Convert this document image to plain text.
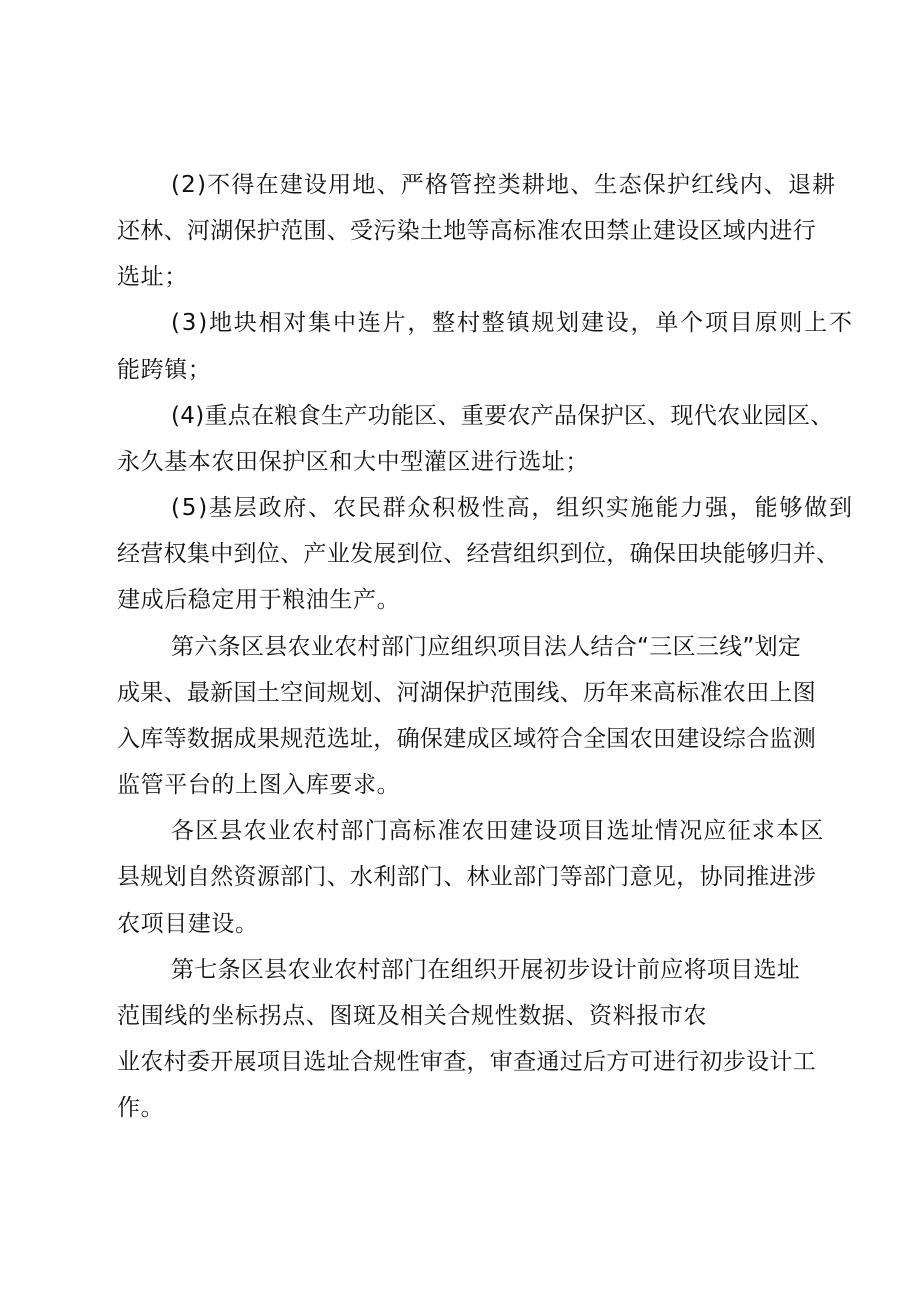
(2)不得在建设用地、严格管控类耕地、生态保护红线内、退耕
还林、河湖保护范围、受污染土地等高标准农田禁止建设区域内进行
选址；
(3)地块相对集中连片，整村整镇规划建设，单个项目原则上不
能跨镇；
(4)重点在粮食生产功能区、重要农产品保护区、现代农业园区、
永久基本农田保护区和大中型灌区进行选址；
(5)基层政府、农民群众积极性高，组织实施能力强，能够做到
经营权集中到位、产业发展到位、经营组织到位，确保田块能够归并、
建成后稳定用于粮油生产。
第六条区县农业农村部门应组织项目法人结合“三区三线”划定
成果、最新国土空间规划、河湖保护范围线、历年来高标准农田上图
入库等数据成果规范选址，确保建成区域符合全国农田建设综合监测
监管平台的上图入库要求。
各区县农业农村部门高标准农田建设项目选址情况应征求本区
县规划自然资源部门、水利部门、林业部门等部门意见，协同推进涉
农项目建设。
第七条区县农业农村部门在组织开展初步设计前应将项目选址
范围线的坐标拐点、图斑及相关合规性数据、资料报市农
业农村委开展项目选址合规性审查，审查通过后方可进行初步设计工
作。
